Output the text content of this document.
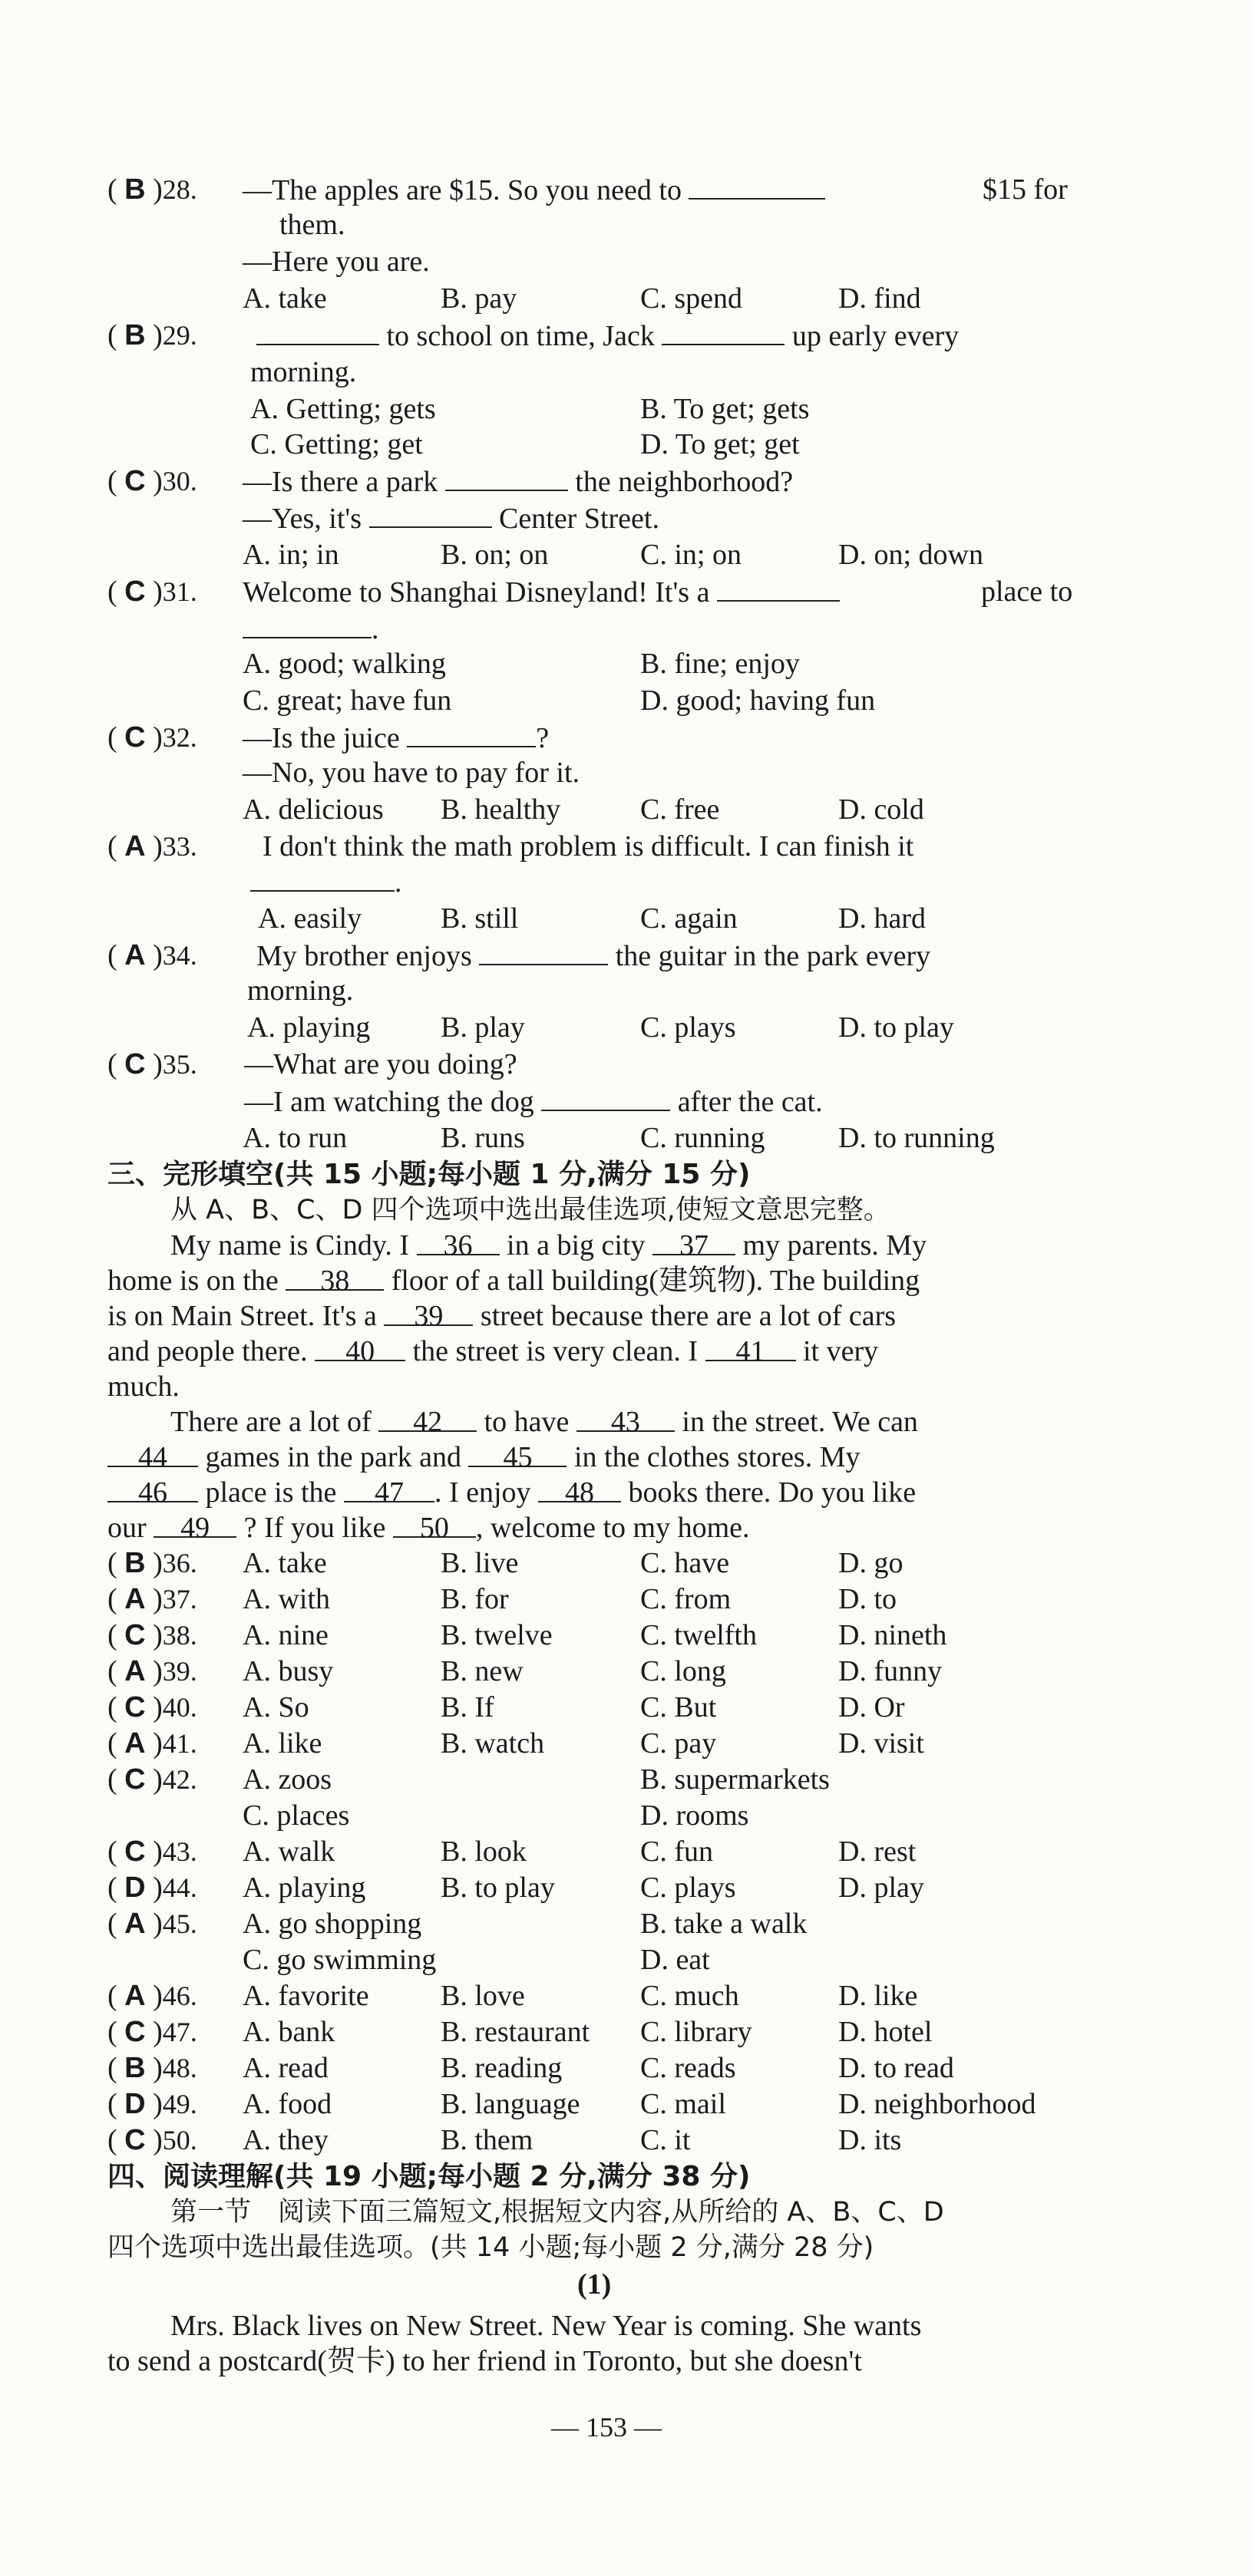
( B )28. —The apples are $15. So you need to	$15 for
them.
—Here you are.
A. take	B. pay	C. spend	D. find
( B )29.	to school on time, Jack	up early every
morning.
A. Getting; gets	B. To get; gets
C. Getting; get	D. To get; get
( C )30. —Is there a park	the neighborhood?
—Yes, it's	Center Street.
A. in; in	B. on; on	C. in; on	D. on; down
( C )31. Welcome to Shanghai Disneyland! It's a	place to
.
A. good; walking	B. fine; enjoy
C. great; have fun	D. good; having fun
( C )32. —Is the juice	?
—No, you have to pay for it.
A. delicious B. healthy	C. free	D. cold
( A )33. I don't think the math problem is difficult. I can finish it
.
A. easily	B. still	C. again	D. hard
( A )34. My brother enjoys	the guitar in the park every
morning.
A. playing B. play	C. plays	D. to play
( C )35. —What are you doing?
—I am watching the dog	after the cat.
A. to run	B. runs	C. running	D. to running
三、完形填空(共 15 小题;每小题 1 分,满分 15 分)
从 A、B、C、D 四个选项中选出最佳选项,使短文意思完整。
My name is Cindy. I 36 in a big city 37 my parents. My
home is on the 38 floor of a tall building(建筑物). The building
is on Main Street. It's a 39 street because there are a lot of cars
and people there. 40 the street is very clean. I 41 it very
much.
There are a lot of 42 to have 43 in the street. We can
44 games in the park and 45 in the clothes stores. My
46 place is the 47 . I enjoy 48 books there. Do you like
our 49 ? If you like 50 , welcome to my home.
( B )36. A. take	B. live	C. have	D. go
( A )37. A. with	B. for	C. from	D. to
( C )38. A. nine	B. twelve	C. twelfth	D. nineth
( A )39. A. busy	B. new	C. long	D. funny
( C )40. A. So	B. If	C. But	D. Or
( A )41. A. like	B. watch	C. pay	D. visit
( C )42. A. zoos	B. supermarkets
C. places	D. rooms
( C )43. A. walk	B. look	C. fun	D. rest
( D )44. A. playing	B. to play	C. plays	D. play
( A )45. A. go shopping	B. take a walk
C. go swimming	D. eat
( A )46. A. favorite B. love	C. much	D. like
( C )47. A. bank	B. restaurant C. library	D. hotel
( B )48. A. read	B. reading	C. reads	D. to read
( D )49. A. food	B. language C. mail	D. neighborhood
( C )50. A. they	B. them	C. it	D. its
四、阅读理解(共 19 小题;每小题 2 分,满分 38 分)
第一节　阅读下面三篇短文,根据短文内容,从所给的 A、B、C、D
四个选项中选出最佳选项。(共 14 小题;每小题 2 分,满分 28 分)
(1)
Mrs. Black lives on New Street. New Year is coming. She wants
to send a postcard(贺卡) to her friend in Toronto, but she doesn't
— 153 —
